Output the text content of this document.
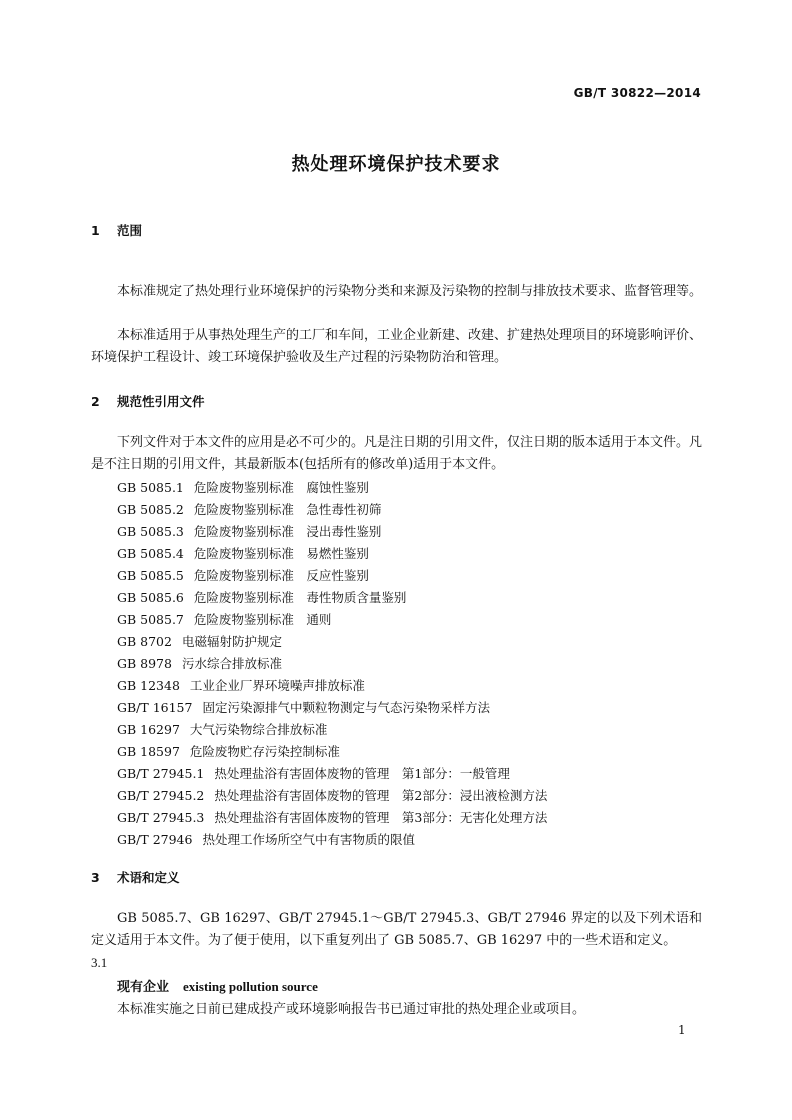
GB/T 30822—2014
热处理环境保护技术要求
1 范围
本标准规定了热处理行业环境保护的污染物分类和来源及污染物的控制与排放技术要求、监督管理等。
本标准适用于从事热处理生产的工厂和车间，工业企业新建、改建、扩建热处理项目的环境影响评价、环境保护工程设计、竣工环境保护验收及生产过程的污染物防治和管理。
2 规范性引用文件
下列文件对于本文件的应用是必不可少的。凡是注日期的引用文件，仅注日期的版本适用于本文件。凡是不注日期的引用文件，其最新版本(包括所有的修改单)适用于本文件。
GB 5085.1 危险废物鉴别标准　腐蚀性鉴别
GB 5085.2 危险废物鉴别标准　急性毒性初筛
GB 5085.3 危险废物鉴别标准　浸出毒性鉴别
GB 5085.4 危险废物鉴别标准　易燃性鉴别
GB 5085.5 危险废物鉴别标准　反应性鉴别
GB 5085.6 危险废物鉴别标准　毒性物质含量鉴别
GB 5085.7 危险废物鉴别标准　通则
GB 8702 电磁辐射防护规定
GB 8978 污水综合排放标准
GB 12348 工业企业厂界环境噪声排放标准
GB/T 16157 固定污染源排气中颗粒物测定与气态污染物采样方法
GB 16297 大气污染物综合排放标准
GB 18597 危险废物贮存污染控制标准
GB/T 27945.1 热处理盐浴有害固体废物的管理　第1部分：一般管理
GB/T 27945.2 热处理盐浴有害固体废物的管理　第2部分：浸出液检测方法
GB/T 27945.3 热处理盐浴有害固体废物的管理　第3部分：无害化处理方法
GB/T 27946 热处理工作场所空气中有害物质的限值
3 术语和定义
GB 5085.7、GB 16297、GB/T 27945.1～GB/T 27945.3、GB/T 27946 界定的以及下列术语和定义适用于本文件。为了便于使用，以下重复列出了 GB 5085.7、GB 16297 中的一些术语和定义。
3.1
现有企业 existing pollution source
本标准实施之日前已建成投产或环境影响报告书已通过审批的热处理企业或项目。
1
